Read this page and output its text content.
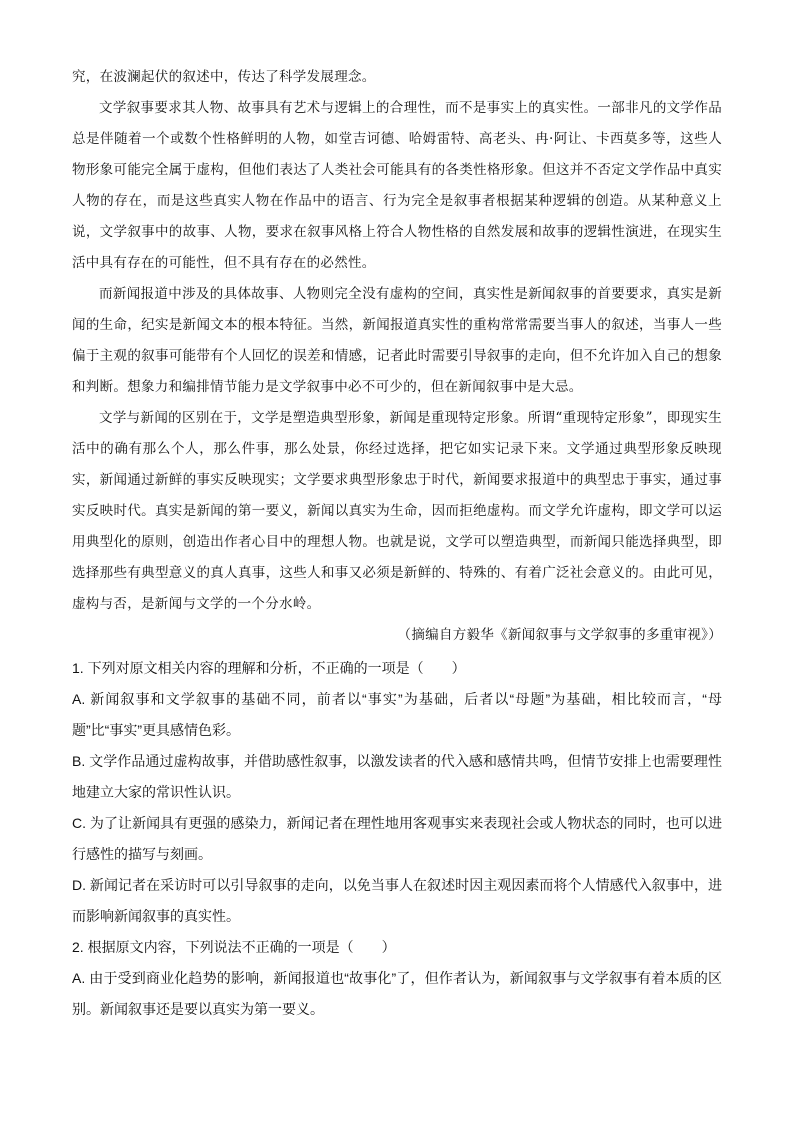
究，在波澜起伏的叙述中，传达了科学发展理念。

文学叙事要求其人物、故事具有艺术与逻辑上的合理性，而不是事实上的真实性。一部非凡的文学作品总是伴随着一个或数个性格鲜明的人物，如堂吉诃德、哈姆雷特、高老头、冉·阿让、卡西莫多等，这些人物形象可能完全属于虚构，但他们表达了人类社会可能具有的各类性格形象。但这并不否定文学作品中真实人物的存在，而是这些真实人物在作品中的语言、行为完全是叙事者根据某种逻辑的创造。从某种意义上说，文学叙事中的故事、人物，要求在叙事风格上符合人物性格的自然发展和故事的逻辑性演进，在现实生活中具有存在的可能性，但不具有存在的必然性。

而新闻报道中涉及的具体故事、人物则完全没有虚构的空间，真实性是新闻叙事的首要要求，真实是新闻的生命，纪实是新闻文本的根本特征。当然，新闻报道真实性的重构常常需要当事人的叙述，当事人一些偏于主观的叙事可能带有个人回忆的误差和情感，记者此时需要引导叙事的走向，但不允许加入自己的想象和判断。想象力和编排情节能力是文学叙事中必不可少的，但在新闻叙事中是大忌。

文学与新闻的区别在于，文学是塑造典型形象，新闻是重现特定形象。所谓“重现特定形象”，即现实生活中的确有那么个人，那么件事，那么处景，你经过选择，把它如实记录下来。文学通过典型形象反映现实，新闻通过新鲜的事实反映现实；文学要求典型形象忠于时代，新闻要求报道中的典型忠于事实，通过事实反映时代。真实是新闻的第一要义，新闻以真实为生命，因而拒绝虚构。而文学允许虚构，即文学可以运用典型化的原则，创造出作者心目中的理想人物。也就是说，文学可以塑造典型，而新闻只能选择典型，即选择那些有典型意义的真人真事，这些人和事又必须是新鲜的、特殊的、有着广泛社会意义的。由此可见，虚构与否，是新闻与文学的一个分水岭。

（摘编自方毅华《新闻叙事与文学叙事的多重审视》）

1. 下列对原文相关内容的理解和分析，不正确的一项是（　　）

A. 新闻叙事和文学叙事的基础不同，前者以“事实”为基础，后者以“母题”为基础，相比较而言，“母题”比“事实”更具感情色彩。

B. 文学作品通过虚构故事，并借助感性叙事，以激发读者的代入感和感情共鸣，但情节安排上也需要理性地建立大家的常识性认识。

C. 为了让新闻具有更强的感染力，新闻记者在理性地用客观事实来表现社会或人物状态的同时，也可以进行感性的描写与刻画。

D. 新闻记者在采访时可以引导叙事的走向，以免当事人在叙述时因主观因素而将个人情感代入叙事中，进而影响新闻叙事的真实性。

2. 根据原文内容，下列说法不正确的一项是（　　）

A. 由于受到商业化趋势的影响，新闻报道也“故事化”了，但作者认为，新闻叙事与文学叙事有着本质的区别。新闻叙事还是要以真实为第一要义。
